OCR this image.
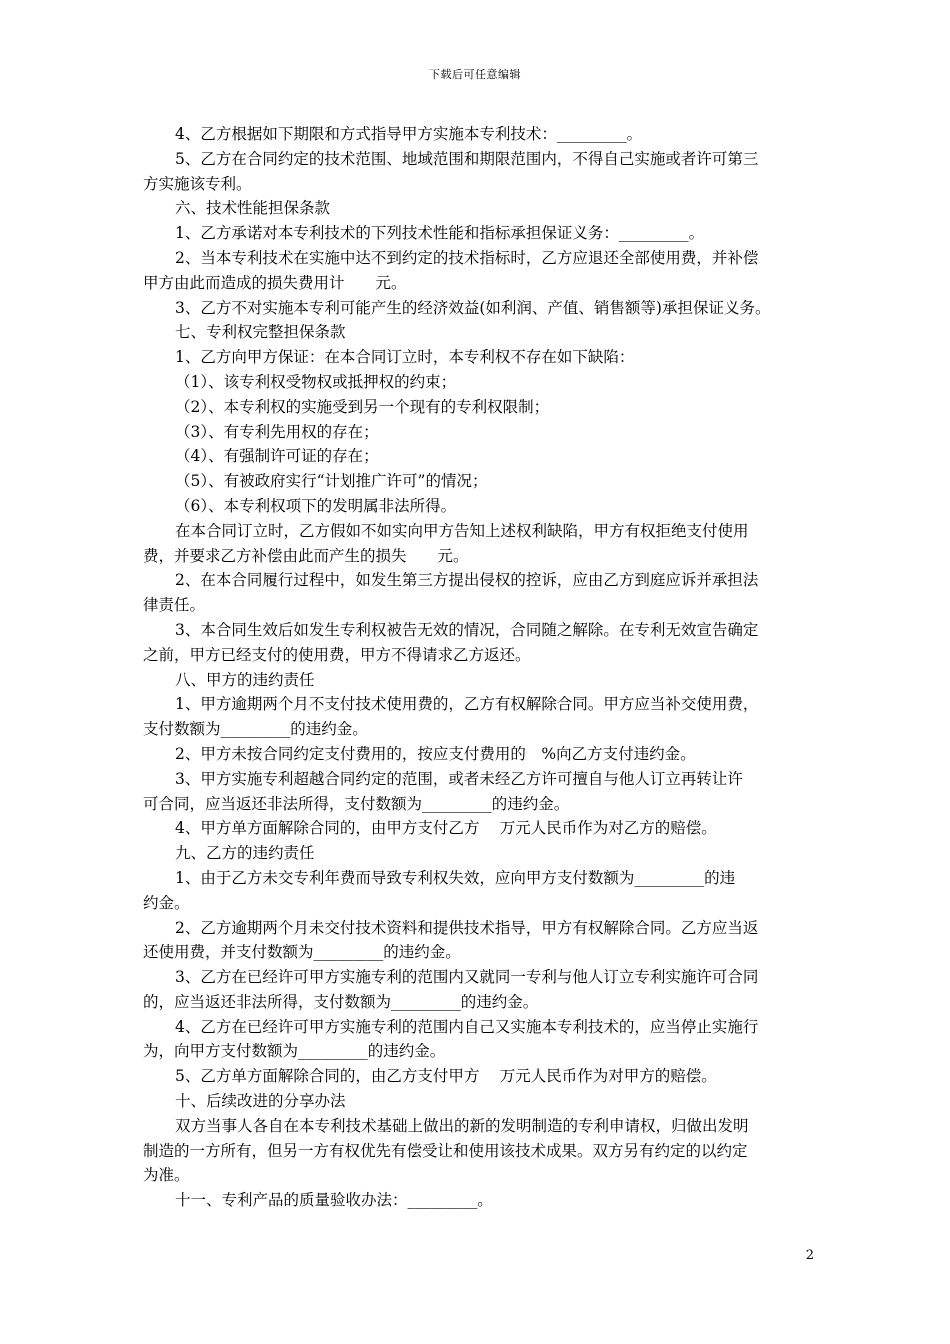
下载后可任意编辑
4、乙方根据如下期限和方式指导甲方实施本专利技术：_________。
5、乙方在合同约定的技术范围、地域范围和期限范围内，不得自己实施或者许可第三
方实施该专利。
六、技术性能担保条款
1、乙方承诺对本专利技术的下列技术性能和指标承担保证义务：_________。
2、当本专利技术在实施中达不到约定的技术指标时，乙方应退还全部使用费，并补偿
甲方由此而造成的损失费用计　　元。
3、乙方不对实施本专利可能产生的经济效益(如利润、产值、销售额等)承担保证义务。
七、专利权完整担保条款
1、乙方向甲方保证：在本合同订立时，本专利权不存在如下缺陷：
（1）、该专利权受物权或抵押权的约束；
（2）、本专利权的实施受到另一个现有的专利权限制；
（3）、有专利先用权的存在；
（4）、有强制许可证的存在；
（5）、有被政府实行“计划推广许可”的情况；
（6）、本专利权项下的发明属非法所得。
在本合同订立时，乙方假如不如实向甲方告知上述权利缺陷，甲方有权拒绝支付使用
费，并要求乙方补偿由此而产生的损失　　元。
2、在本合同履行过程中，如发生第三方提出侵权的控诉，应由乙方到庭应诉并承担法
律责任。
3、本合同生效后如发生专利权被告无效的情况，合同随之解除。在专利无效宣告确定
之前，甲方已经支付的使用费，甲方不得请求乙方返还。
八、甲方的违约责任
1、甲方逾期两个月不支付技术使用费的，乙方有权解除合同。甲方应当补交使用费，
支付数额为_________的违约金。
2、甲方未按合同约定支付费用的，按应支付费用的　%向乙方支付违约金。
3、甲方实施专利超越合同约定的范围，或者未经乙方许可擅自与他人订立再转让许
可合同，应当返还非法所得，支付数额为_________的违约金。
4、甲方单方面解除合同的，由甲方支付乙方　 万元人民币作为对乙方的赔偿。
九、乙方的违约责任
1、由于乙方未交专利年费而导致专利权失效，应向甲方支付数额为_________的违
约金。
2、乙方逾期两个月未交付技术资料和提供技术指导，甲方有权解除合同。乙方应当返
还使用费，并支付数额为_________的违约金。
3、乙方在已经许可甲方实施专利的范围内又就同一专利与他人订立专利实施许可合同
的，应当返还非法所得，支付数额为_________的违约金。
4、乙方在已经许可甲方实施专利的范围内自己又实施本专利技术的，应当停止实施行
为，向甲方支付数额为_________的违约金。
5、乙方单方面解除合同的，由乙方支付甲方　 万元人民币作为对甲方的赔偿。
十、后续改进的分享办法
双方当事人各自在本专利技术基础上做出的新的发明制造的专利申请权，归做出发明
制造的一方所有，但另一方有权优先有偿受让和使用该技术成果。双方另有约定的以约定
为准。
十一、专利产品的质量验收办法：_________。
2
